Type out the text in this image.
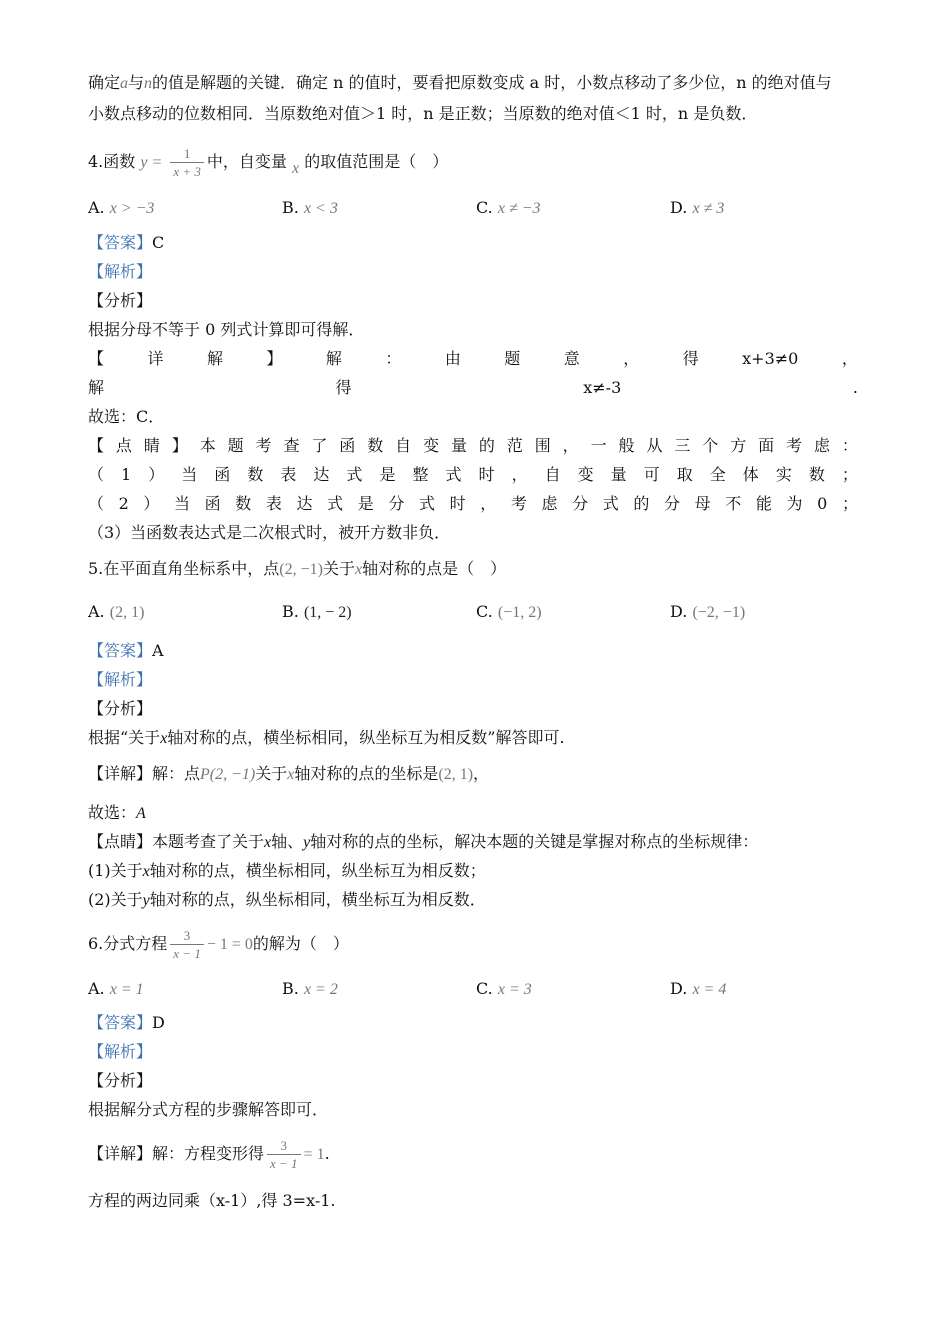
确定a与n的值是解题的关键．确定 n 的值时，要看把原数变成 a 时，小数点移动了多少位，n 的绝对值与
小数点移动的位数相同．当原数绝对值＞1 时，n 是正数；当原数的绝对值＜1 时，n 是负数．
4.函数 $y = \frac{1}{x + 3}$ 中，自变量 x 的取值范围是（　）
A. x > −3	B. x < 3	C. x ≠ −3	D. x ≠ 3
【答案】C
【解析】
【分析】
根据分母不等于 0 列式计算即可得解．
【	详	解	】	解	：	由	题	意	，	得	x+3≠0	，
解	得	x≠-3	.
故选：C．
【 点 睛 】 本 题 考 查 了 函 数 自 变 量 的 范 围 ， 一 般 从 三 个 方 面 考 虑 ：
（ 1 ） 当 函 数 表 达 式 是 整 式 时 ， 自 变 量 可 取 全 体 实 数 ；
（ 2 ） 当 函 数 表 达 式 是 分 式 时 ， 考 虑 分 式 的 分 母 不 能 为 0 ；
（3）当函数表达式是二次根式时，被开方数非负．
5.在平面直角坐标系中，点(2, −1)关于x轴对称的点是（　）
A. (2, 1)	B. (1, − 2)	C. (−1, 2)	D. (−2, −1)
【答案】A
【解析】
【分析】
根据“关于x轴对称的点，横坐标相同，纵坐标互为相反数”解答即可.
【详解】解：点P(2, −1)关于x轴对称的点的坐标是(2, 1)，
故选：A
【点睛】本题考查了关于x轴、y轴对称的点的坐标，解决本题的关键是掌握对称点的坐标规律：
(1)关于x轴对称的点，横坐标相同，纵坐标互为相反数；
(2)关于y轴对称的点，纵坐标相同，横坐标互为相反数．
6.分式方程 $\frac{3}{x - 1} - 1 = 0$的解为（　）
A. x = 1	B. x = 2	C. x = 3	D. x = 4
【答案】D
【解析】
【分析】
根据解分式方程的步骤解答即可．
【详解】解：方程变形得 $\frac{3}{x - 1} = 1$.
方程的两边同乘（x-1）,得 3=x-1.
